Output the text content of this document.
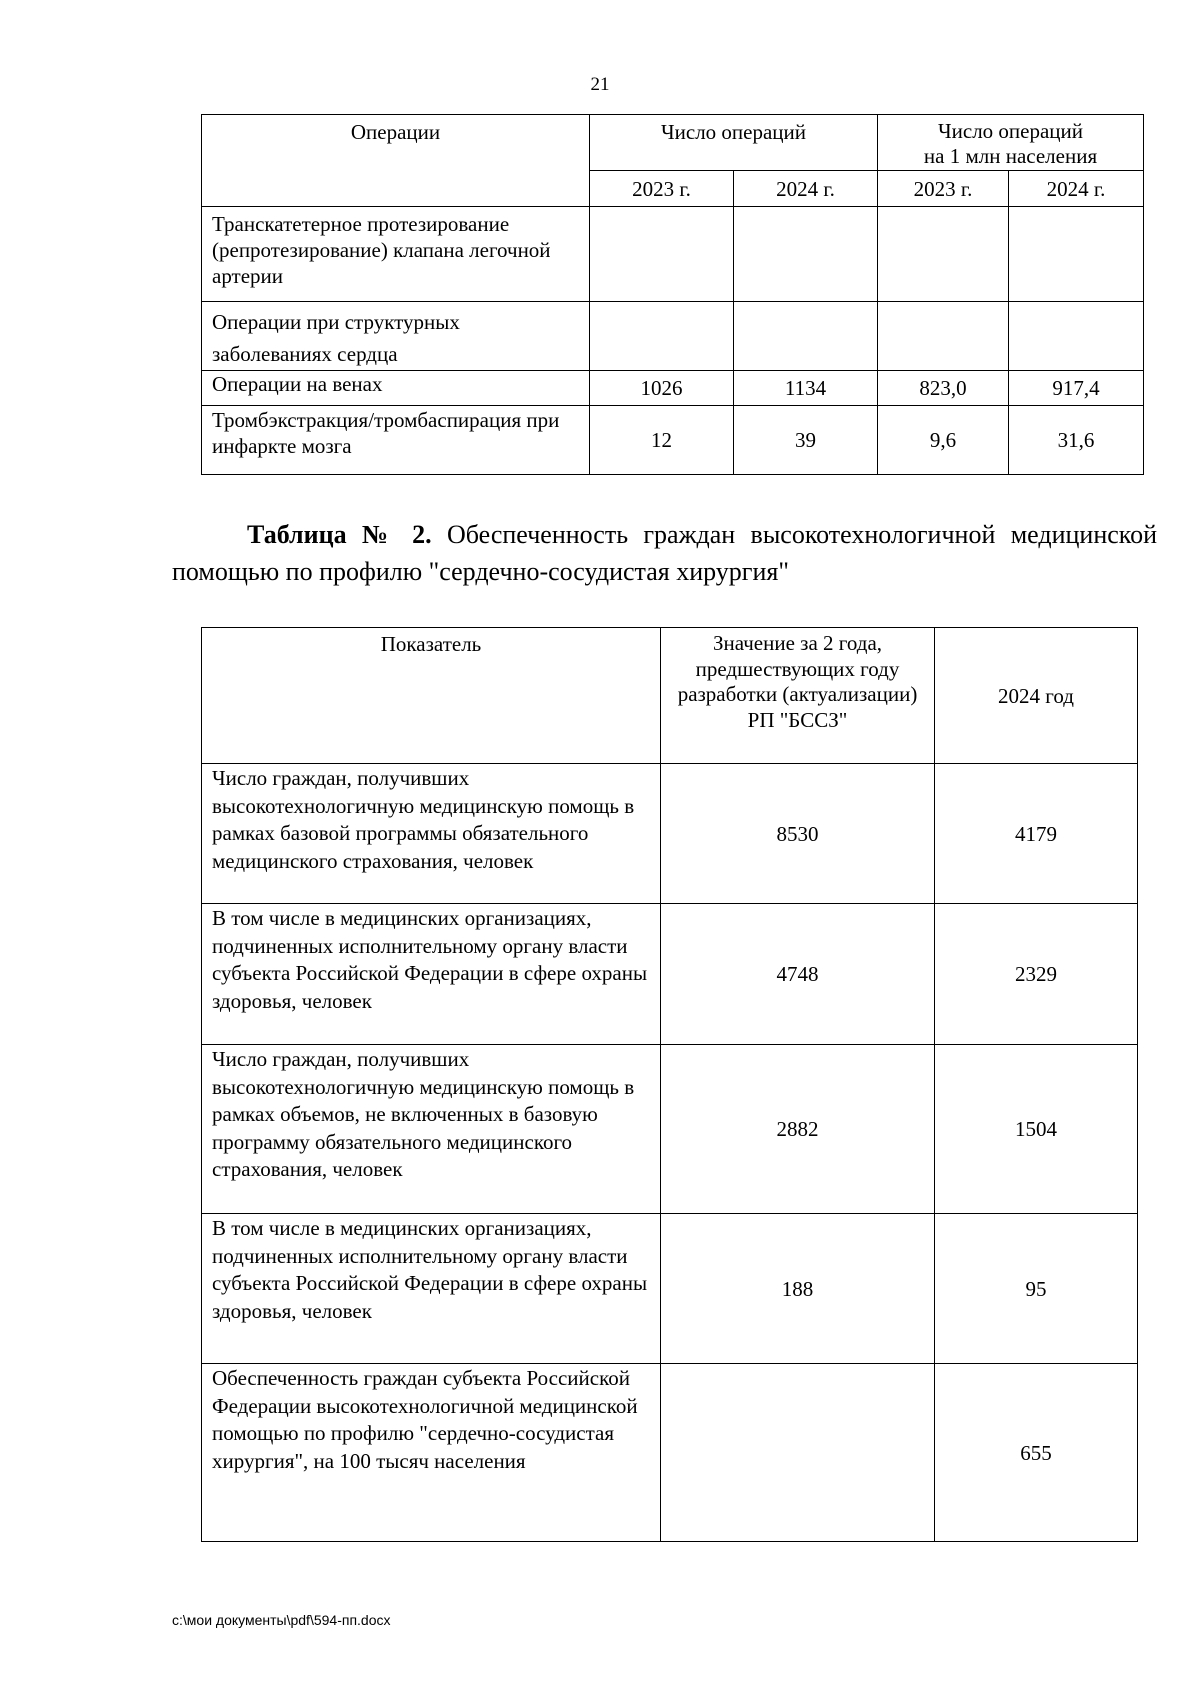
21
Операции	Число операций		Число операций
на 1 млн населения	
	2023 г.	2024 г.	2023 г.	2024 г.
Транскатетерное протезирование (репротезирование) клапана легочной артерии				
Операции при структурных заболеваниях сердца				
Операции на венах	1026	1134	823,0	917,4
Тромбэкстракция/тромбаспирация при инфаркте мозга	12	39	9,6	31,6
Таблица № 2. Обеспеченность граждан высокотехнологичной медицинской помощью по профилю "сердечно-сосудистая хирургия"
Показатель	Значение за 2 года, предшествующих году разработки (актуализации) РП "БССЗ"	2024 год
Число граждан, получивших высокотехнологичную медицинскую помощь в рамках базовой программы обязательного медицинского страхования, человек	8530	4179
В том числе в медицинских организациях, подчиненных исполнительному органу власти субъекта Российской Федерации в сфере охраны здоровья, человек	4748	2329
Число граждан, получивших высокотехнологичную медицинскую помощь в рамках объемов, не включенных в базовую программу обязательного медицинского страхования, человек	2882	1504
В том числе в медицинских организациях, подчиненных исполнительному органу власти субъекта Российской Федерации в сфере охраны здоровья, человек	188	95
Обеспеченность граждан субъекта Российской Федерации высокотехнологичной медицинской помощью по профилю "сердечно-сосудистая хирургия", на 100 тысяч населения		655
c:\мои документы\pdf\594-пп.docx
